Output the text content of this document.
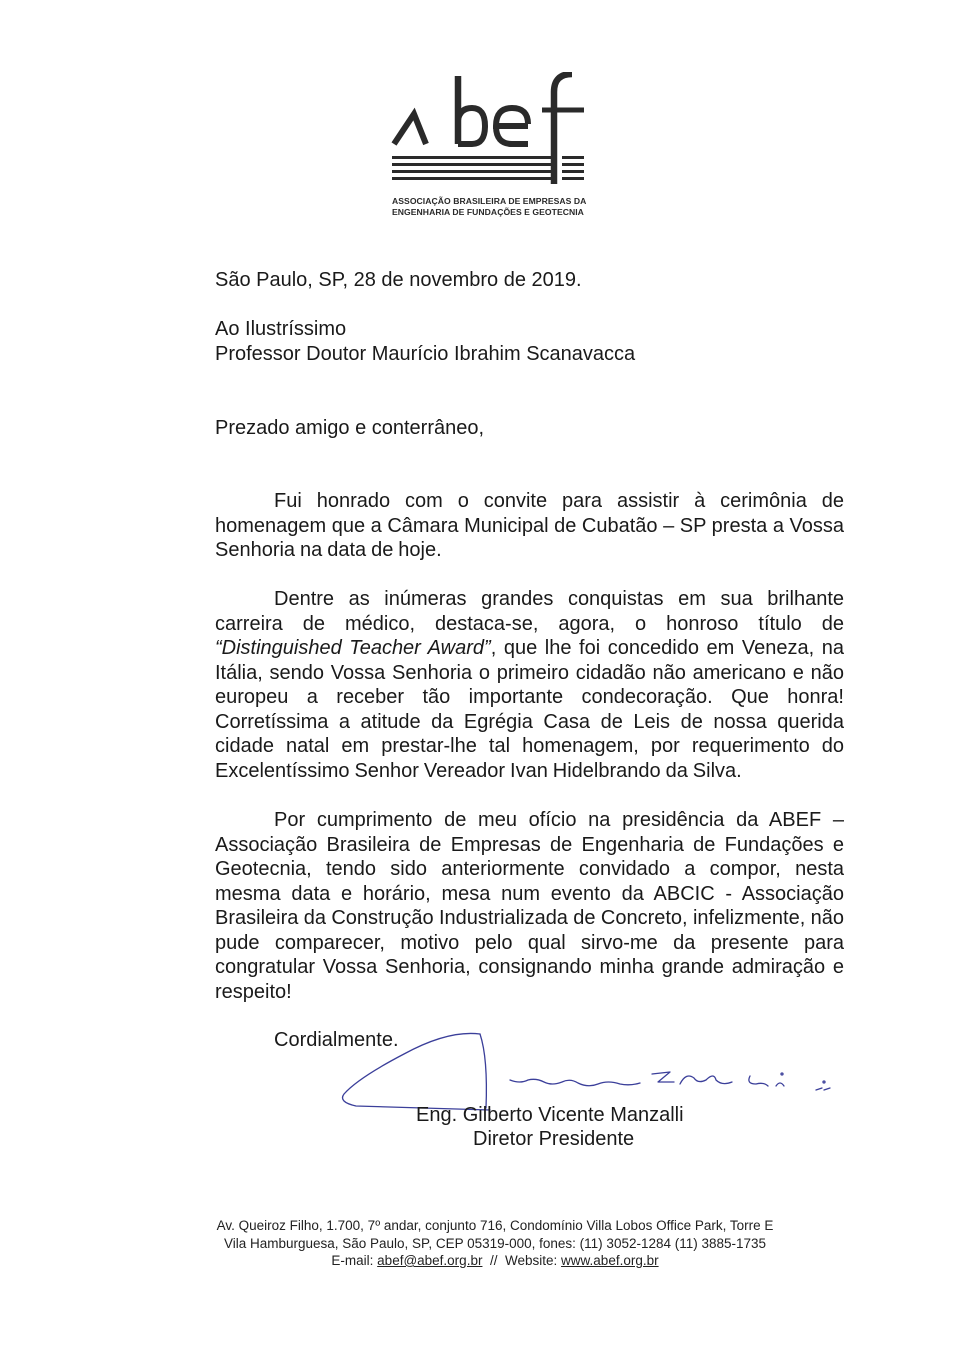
ASSOCIAÇÃO BRASILEIRA DE EMPRESAS DA
ENGENHARIA DE FUNDAÇÕES E GEOTECNIA
São Paulo, SP, 28 de novembro de 2019.
Ao Ilustríssimo
Professor Doutor Maurício Ibrahim Scanavacca
Prezado amigo e conterrâneo,
Fui honrado com o convite para assistir à cerimônia de homenagem que a Câmara Municipal de Cubatão – SP presta a Vossa Senhoria na data de hoje.
Dentre as inúmeras grandes conquistas em sua brilhante carreira de médico, destaca-se, agora, o honroso título de “Distinguished Teacher Award”, que lhe foi concedido em Veneza, na Itália, sendo Vossa Senhoria o primeiro cidadão não americano e não europeu a receber tão importante condecoração. Que honra! Corretíssima a atitude da Egrégia Casa de Leis de nossa querida cidade natal em prestar-lhe tal homenagem, por requerimento do Excelentíssimo Senhor Vereador Ivan Hidelbrando da Silva.
Por cumprimento de meu ofício na presidência da ABEF – Associação Brasileira de Empresas de Engenharia de Fundações e Geotecnia, tendo sido anteriormente convidado a compor, nesta mesma data e horário, mesa num evento da ABCIC - Associação Brasileira da Construção Industrializada de Concreto, infelizmente, não pude comparecer, motivo pelo qual sirvo-me da presente para congratular Vossa Senhoria, consignando minha grande admiração e respeito!
Cordialmente.
Eng. Gilberto Vicente Manzalli
Diretor Presidente
Av. Queiroz Filho, 1.700, 7º andar, conjunto 716, Condomínio Villa Lobos Office Park, Torre E
Vila Hamburguesa, São Paulo, SP, CEP 05319-000, fones: (11) 3052-1284 (11) 3885-1735
E-mail: abef@abef.org.br // Website: www.abef.org.br
